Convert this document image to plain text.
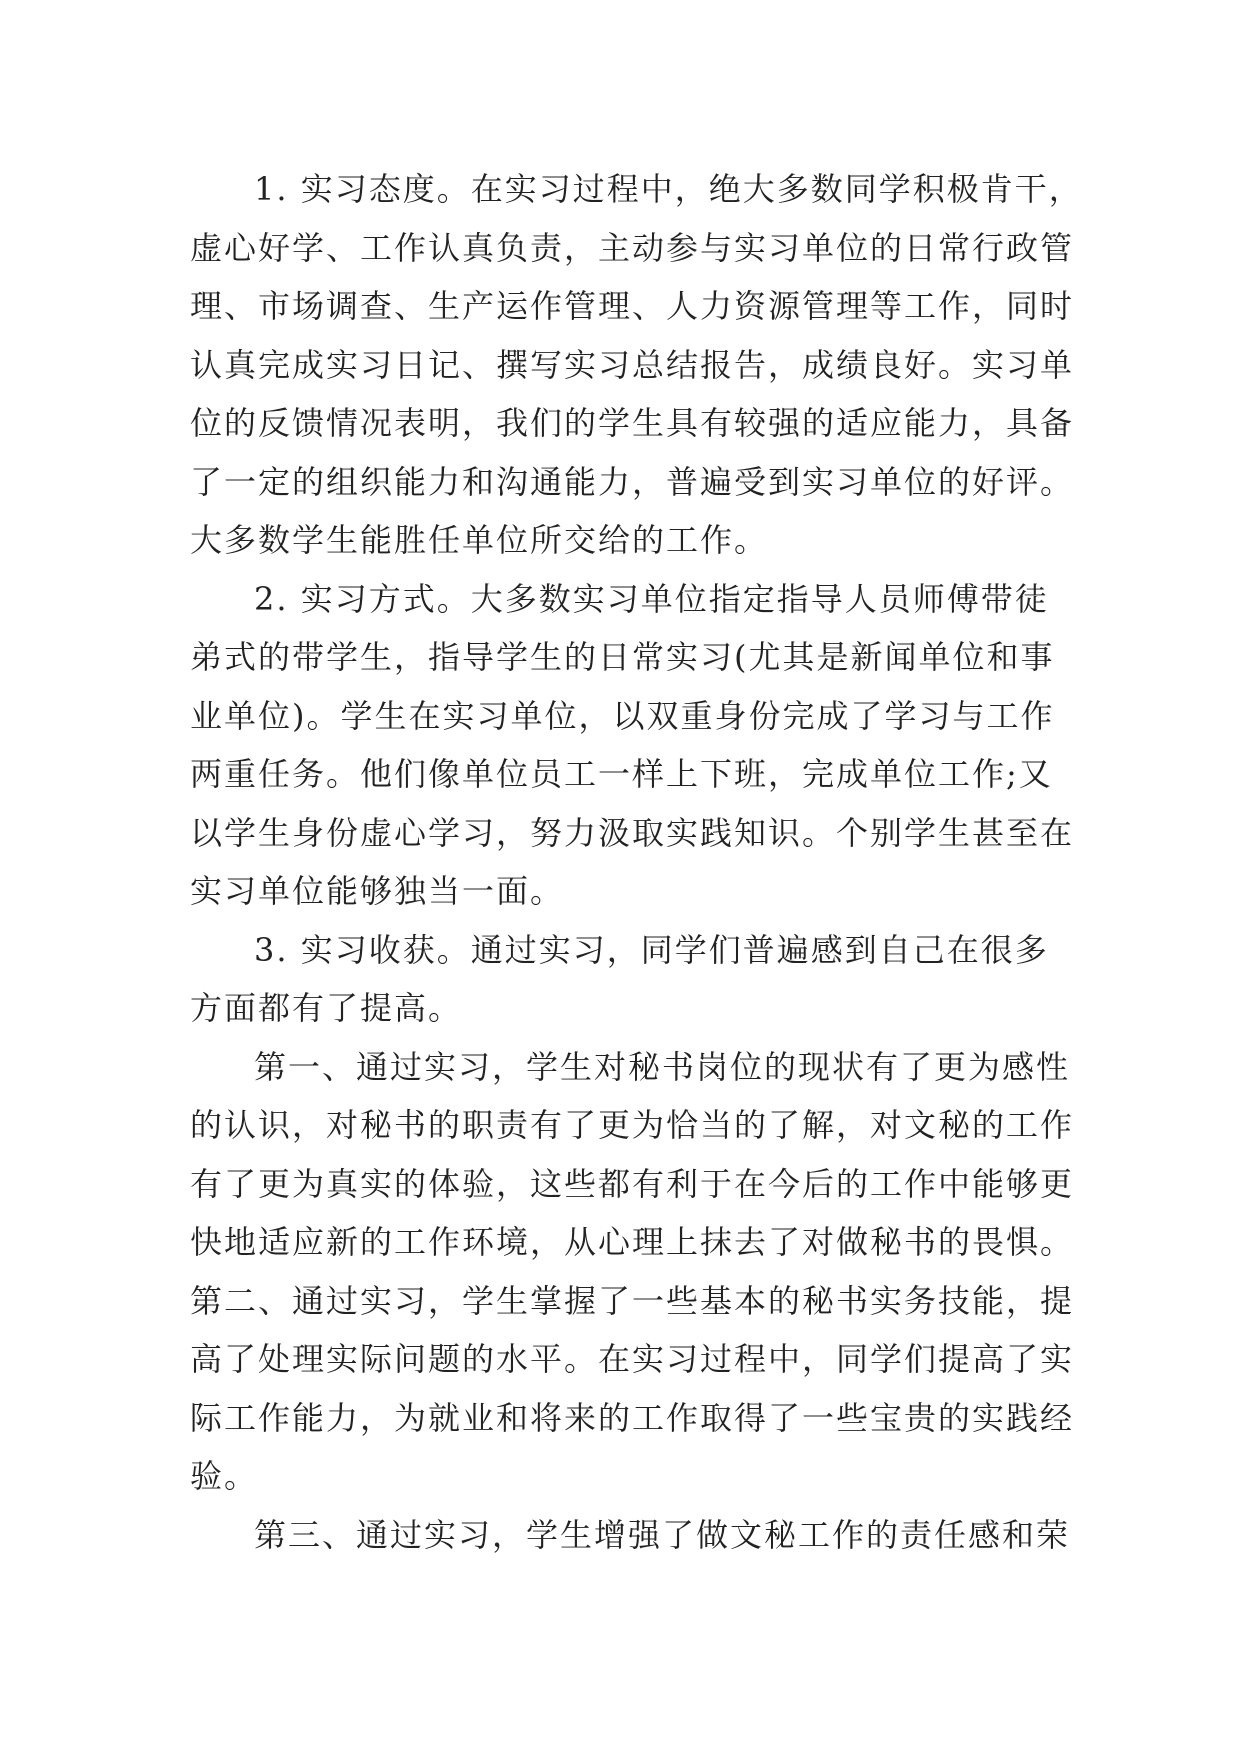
1. 实习态度。在实习过程中，绝大多数同学积极肯干，
虚心好学、工作认真负责，主动参与实习单位的日常行政管
理、市场调查、生产运作管理、人力资源管理等工作，同时
认真完成实习日记、撰写实习总结报告，成绩良好。实习单
位的反馈情况表明，我们的学生具有较强的适应能力，具备
了一定的组织能力和沟通能力，普遍受到实习单位的好评。
大多数学生能胜任单位所交给的工作。
2. 实习方式。大多数实习单位指定指导人员师傅带徒
弟式的带学生，指导学生的日常实习(尤其是新闻单位和事
业单位)。学生在实习单位，以双重身份完成了学习与工作
两重任务。他们像单位员工一样上下班，完成单位工作;又
以学生身份虚心学习，努力汲取实践知识。个别学生甚至在
实习单位能够独当一面。
3. 实习收获。通过实习，同学们普遍感到自己在很多
方面都有了提高。
第一、通过实习，学生对秘书岗位的现状有了更为感性
的认识，对秘书的职责有了更为恰当的了解，对文秘的工作
有了更为真实的体验，这些都有利于在今后的工作中能够更
快地适应新的工作环境，从心理上抹去了对做秘书的畏惧。
第二、通过实习，学生掌握了一些基本的秘书实务技能，提
高了处理实际问题的水平。在实习过程中，同学们提高了实
际工作能力，为就业和将来的工作取得了一些宝贵的实践经
验。
第三、通过实习，学生增强了做文秘工作的责任感和荣
